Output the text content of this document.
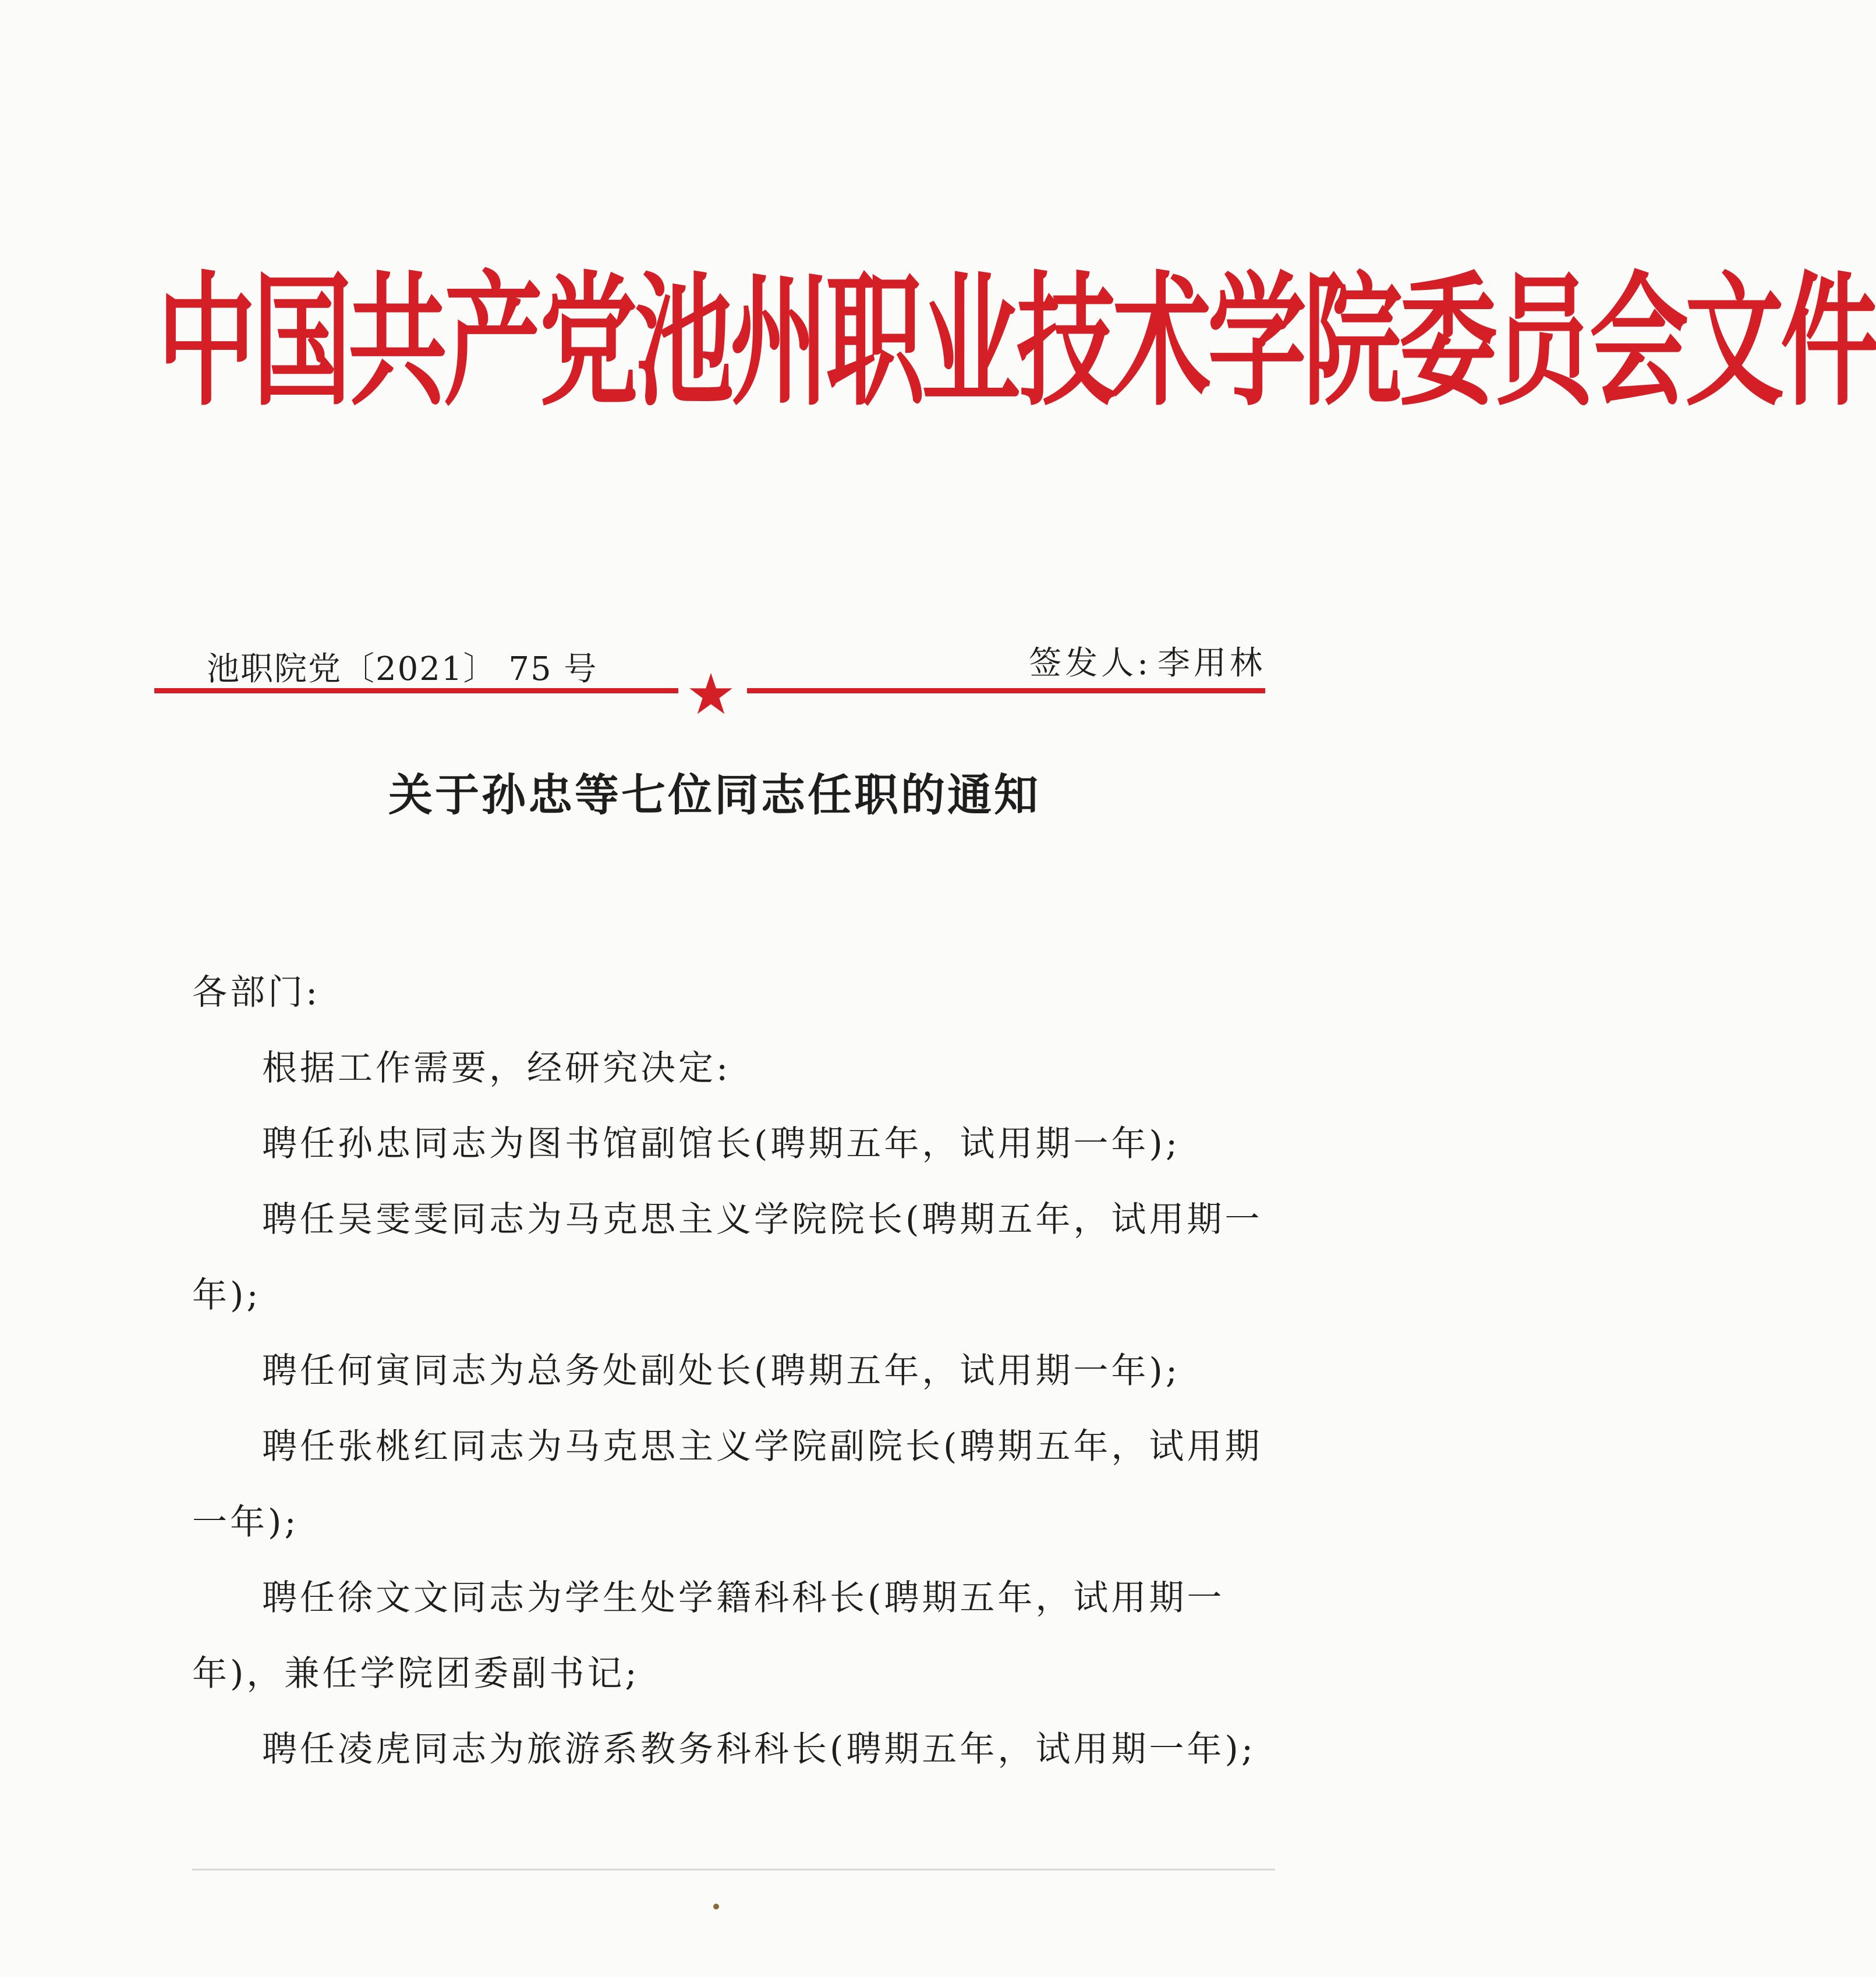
中国共产党池州职业技术学院委员会文件
池职院党〔2021〕 75 号	签发人: 李用林
关于孙忠等七位同志任职的通知

各部门:

根据工作需要，经研究决定:

聘任孙忠同志为图书馆副馆长(聘期五年，试用期一年);

聘任吴雯雯同志为马克思主义学院院长(聘期五年，试用期一年);

聘任何寅同志为总务处副处长(聘期五年，试用期一年);

聘任张桃红同志为马克思主义学院副院长(聘期五年，试用期一年);

聘任徐文文同志为学生处学籍科科长(聘期五年，试用期一年)，兼任学院团委副书记;

聘任凌虎同志为旅游系教务科科长(聘期五年，试用期一年);
